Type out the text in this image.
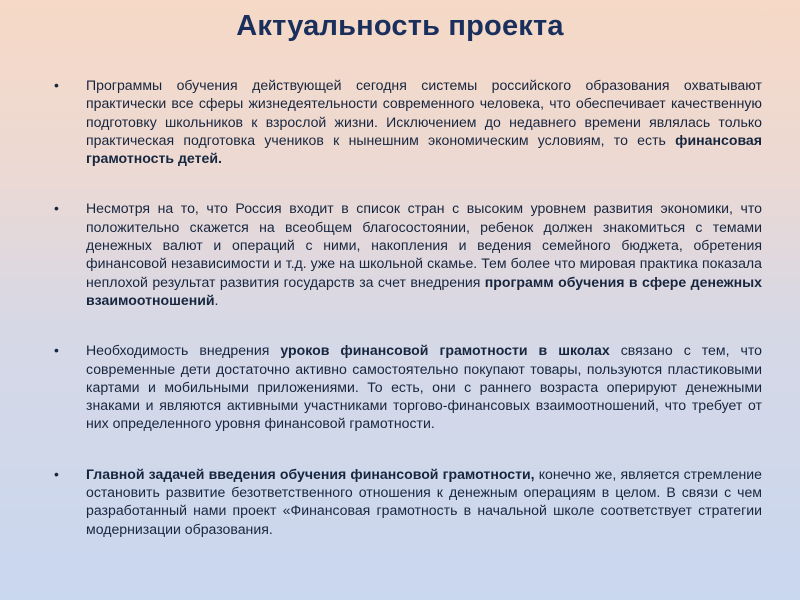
Актуальность проекта
• Программы обучения действующей сегодня системы российского образования охватывают практически все сферы жизнедеятельности современного человека, что обеспечивает качественную подготовку школьников к взрослой жизни. Исключением до недавнего времени являлась только практическая подготовка учеников к нынешним экономическим условиям, то есть финансовая грамотность детей.
• Несмотря на то, что Россия входит в список стран с высоким уровнем развития экономики, что положительно скажется на всеобщем благосостоянии, ребенок должен знакомиться с темами денежных валют и операций с ними, накопления и ведения семейного бюджета, обретения финансовой независимости и т.д. уже на школьной скамье. Тем более что мировая практика показала неплохой результат развития государств за счет внедрения программ обучения в сфере денежных взаимоотношений.
• Необходимость внедрения уроков финансовой грамотности в школах связано с тем, что современные дети достаточно активно самостоятельно покупают товары, пользуются пластиковыми картами и мобильными приложениями. То есть, они с раннего возраста оперируют денежными знаками и являются активными участниками торгово-финансовых взаимоотношений, что требует от них определенного уровня финансовой грамотности.
• Главной задачей введения обучения финансовой грамотности, конечно же, является стремление остановить развитие безответственного отношения к денежным операциям в целом. В связи с чем разработанный нами проект «Финансовая грамотность в начальной школе соответствует стратегии модернизации образования.
